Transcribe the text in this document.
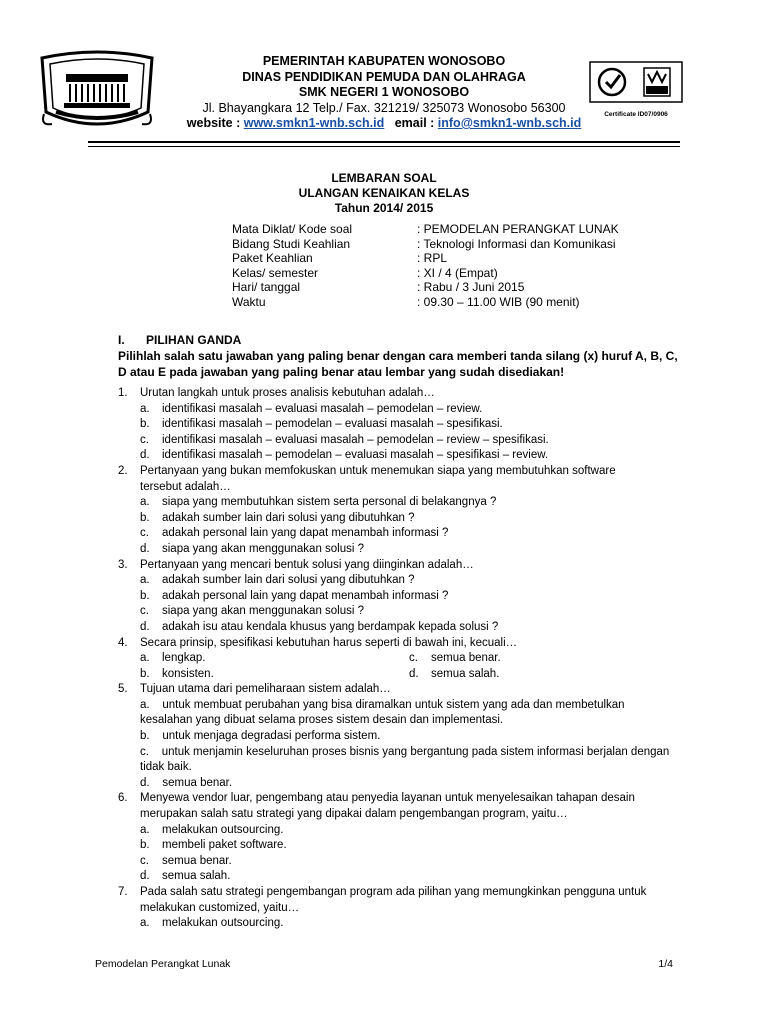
PEMERINTAH KABUPATEN WONOSOBO
DINAS PENDIDIKAN PEMUDA DAN OLAHRAGA
SMK NEGERI 1 WONOSOBO
Jl. Bhayangkara 12 Telp./ Fax. 321219/ 325073 Wonosobo 56300
website : www.smkn1-wnb.sch.id email : info@smkn1-wnb.sch.id
Certificate ID07/0906
LEMBARAN SOAL
ULANGAN KENAIKAN KELAS
Tahun 2014/ 2015
Mata Diklat/ Kode soal	: PEMODELAN PERANGKAT LUNAK
Bidang Studi Keahlian	: Teknologi Informasi dan Komunikasi
Paket Keahlian	: RPL
Kelas/ semester	: XI / 4 (Empat)
Hari/ tanggal	: Rabu / 3 Juni 2015
Waktu	: 09.30 – 11.00 WIB (90 menit)
I. PILIHAN GANDA
Pilihlah salah satu jawaban yang paling benar dengan cara memberi tanda silang (x) huruf A, B, C, D atau E pada jawaban yang paling benar atau lembar yang sudah disediakan!
1.	Urutan langkah untuk proses analisis kebutuhan adalah…
a.	identifikasi masalah – evaluasi masalah – pemodelan – review.
b.	identifikasi masalah – pemodelan – evaluasi masalah – spesifikasi.
c.	identifikasi masalah – evaluasi masalah – pemodelan – review – spesifikasi.
d.	identifikasi masalah – pemodelan – evaluasi masalah – spesifikasi – review.
2.	Pertanyaan yang bukan memfokuskan untuk menemukan siapa yang membutuhkan software tersebut adalah…
a.	siapa yang membutuhkan sistem serta personal di belakangnya ?
b.	adakah sumber lain dari solusi yang dibutuhkan ?
c.	adakah personal lain yang dapat menambah informasi ?
d.	siapa yang akan menggunakan solusi ?
3.	Pertanyaan yang mencari bentuk solusi yang diinginkan adalah…
a.	adakah sumber lain dari solusi yang dibutuhkan ?
b.	adakah personal lain yang dapat menambah informasi ?
c.	siapa yang akan menggunakan solusi ?
d.	adakah isu atau kendala khusus yang berdampak kepada solusi ?
4.	Secara prinsip, spesifikasi kebutuhan harus seperti di bawah ini, kecuali…
a.	lengkap.	c.	semua benar.
b.	konsisten.	d.	semua salah.
5.	Tujuan utama dari pemeliharaan sistem adalah…
a.    untuk membuat perubahan yang bisa diramalkan untuk sistem yang ada dan membetulkan kesalahan yang dibuat selama proses sistem desain dan implementasi.
b.    untuk menjaga degradasi performa sistem.
c.    untuk menjamin keseluruhan proses bisnis yang bergantung pada sistem informasi berjalan dengan tidak baik.
d.    semua benar.
6.	Menyewa vendor luar, pengembang atau penyedia layanan untuk menyelesaikan tahapan desain merupakan salah satu strategi yang dipakai dalam pengembangan program, yaitu…
a.	melakukan outsourcing.
b.	membeli paket software.
c.	semua benar.
d.	semua salah.
7.	Pada salah satu strategi pengembangan program ada pilihan yang memungkinkan pengguna untuk melakukan customized, yaitu…
a.	melakukan outsourcing.
Pemodelan Perangkat Lunak	1/4
